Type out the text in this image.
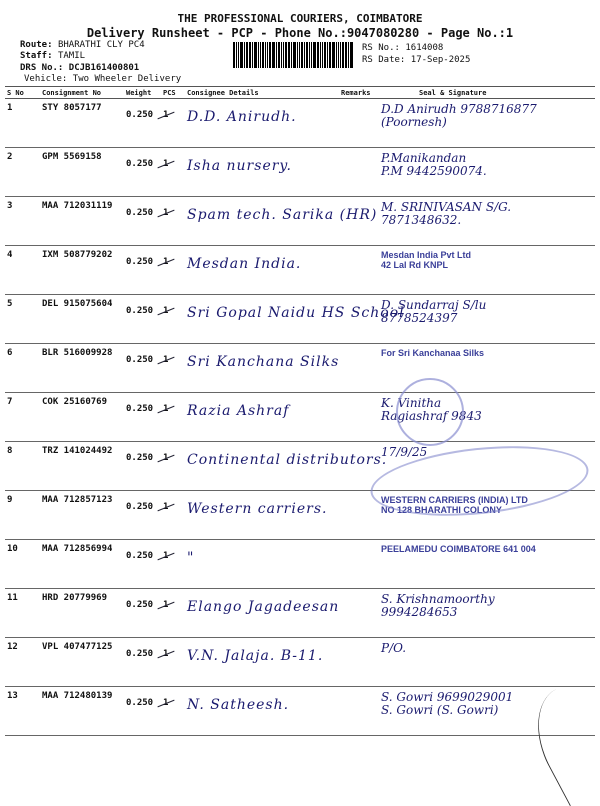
THE PROFESSIONAL COURIERS, COIMBATORE
Delivery Runsheet - PCP - Phone No.:9047080280 - Page No.:1
Route: BHARATHI CLY PC4
Staff: TAMIL
DRS No.: DCJB161400801
Vehicle: Two Wheeler Delivery
RS No.: 1614008
RS Date: 17-Sep-2025
S No	Consignment No	Weight	PCS	Consignee Details	Remarks	Seal & Signature
1	STY 8057177	0.250		D.D. Anirudh.		D.D Anirudh 9788716877
(Poornesh)

2	GPM 5569158	0.250		Isha nursery.		P.Manikandan
P.M 9442590074.

3	MAA 712031119	0.250		Spam tech. Sarika (HR)		M. SRINIVASAN S/G.
7871348632.

4	IXM 508779202	0.250		Mesdan India.		Mesdan India Pvt Ltd
42 Lal Rd KNPL

5	DEL 915075604	0.250		Sri Gopal Naidu HS School		D. Sundarraj S/lu
8778524397

6	BLR 516009928	0.250		Sri Kanchana Silks		For Sri Kanchanaa Silks

7	COK 25160769	0.250		Razia Ashraf		K. Vinitha
Ragiashraf 9843

8	TRZ 141024492	0.250		Continental distributors.		17/9/25

9	MAA 712857123	0.250		Western carriers.		WESTERN CARRIERS (INDIA) LTD
NO 128 BHARATHI COLONY

10	MAA 712856994	0.250		"		PEELAMEDU COIMBATORE 641 004

11	HRD 20779969	0.250		Elango Jagadeesan		S. Krishnamoorthy
9994284653

12	VPL 407477125	0.250		V.N. Jalaja. B-11.		P/O.

13	MAA 712480139	0.250		N. Satheesh.		S. Gowri 9699029001
S. Gowri (S. Gowri)
